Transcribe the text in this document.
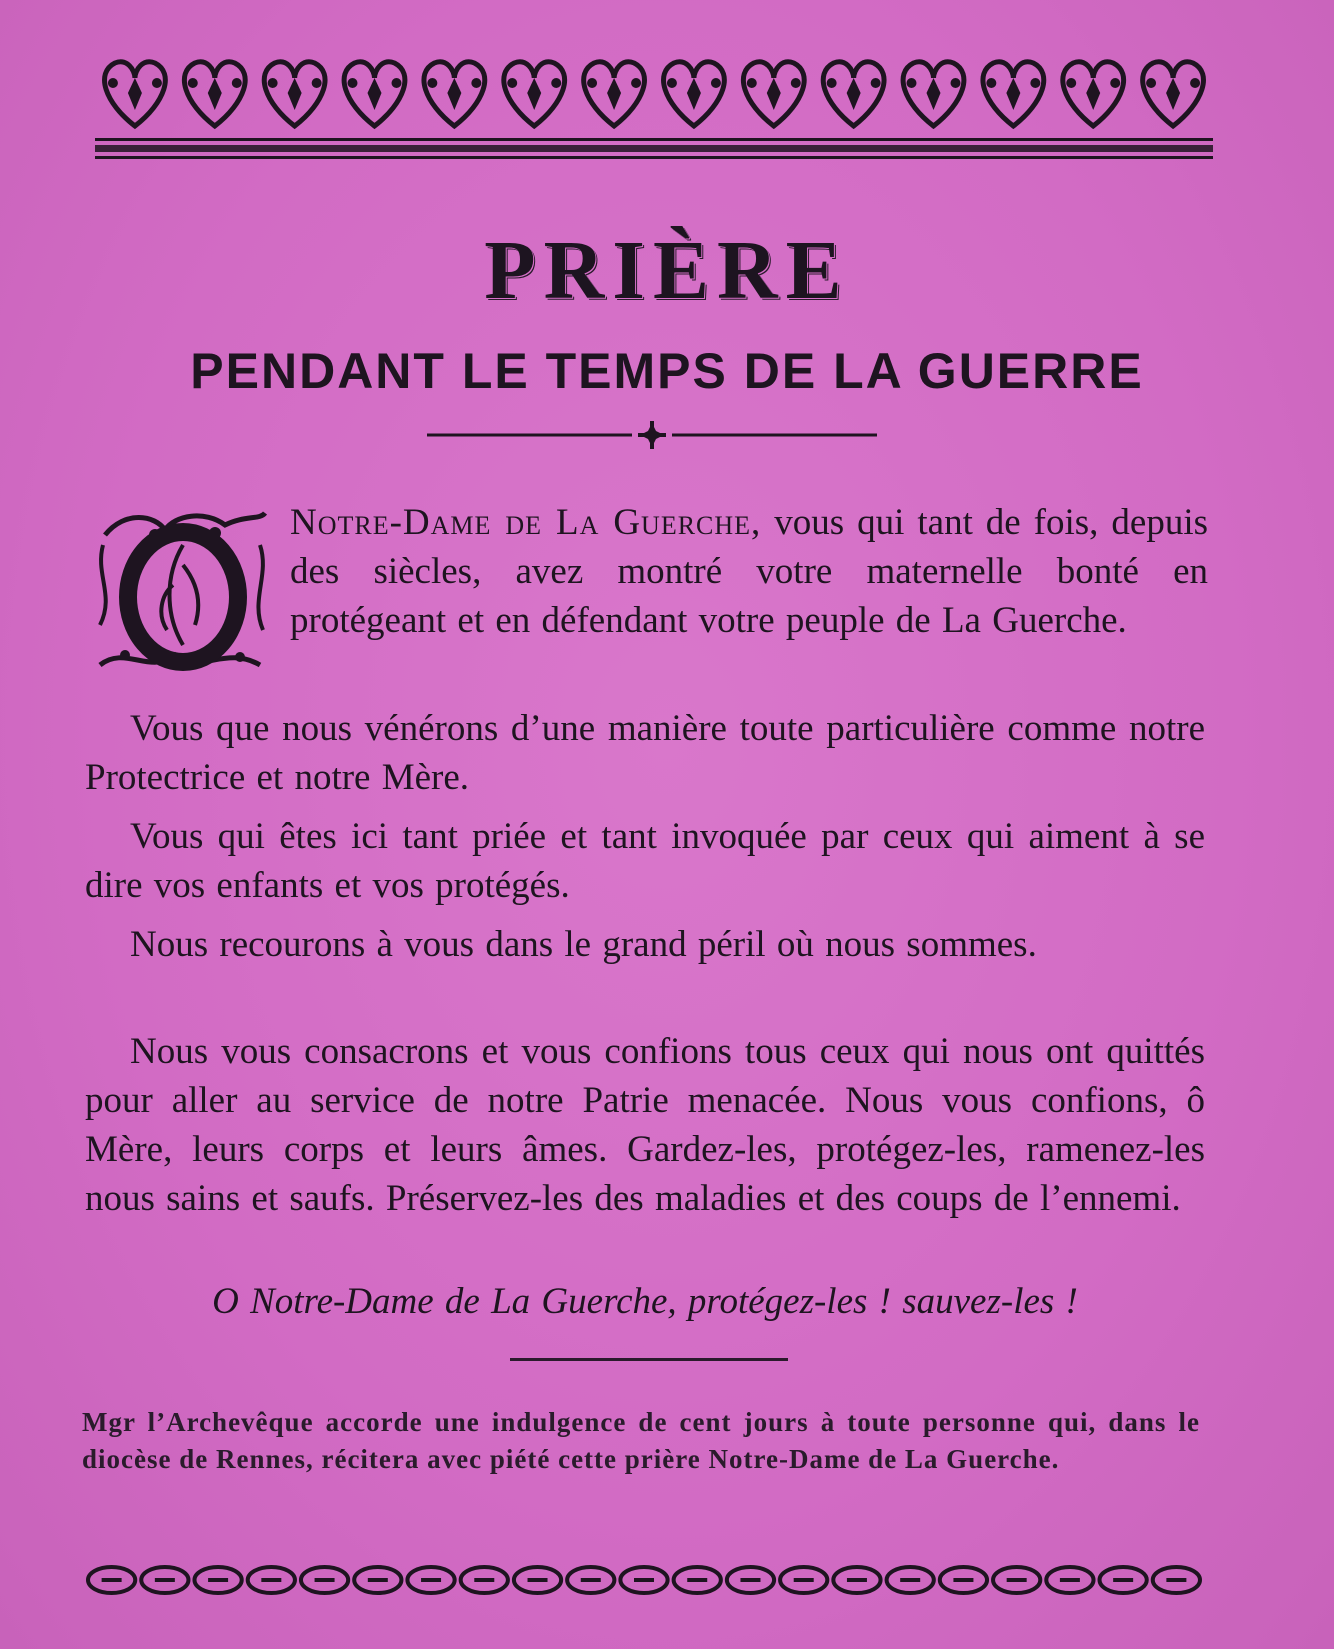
PRIÈRE
PENDANT LE TEMPS DE LA GUERRE
O
Notre-Dame de La Guerche, vous qui tant de fois, depuis des siècles, avez montré votre maternelle bonté en protégeant et en défendant votre peuple de La Guerche.
Vous que nous vénérons d’une manière toute particulière comme notre Protectrice et notre Mère.
Vous qui êtes ici tant priée et tant invoquée par ceux qui aiment à se dire vos enfants et vos protégés.
Nous recourons à vous dans le grand péril où nous sommes.
Nous vous consacrons et vous confions tous ceux qui nous ont quittés pour aller au service de notre Patrie menacée. Nous vous confions, ô Mère, leurs corps et leurs âmes. Gardez-les, protégez-les, ramenez-les nous sains et saufs. Préservez-les des maladies et des coups de l’ennemi.
O Notre-Dame de La Guerche, protégez-les ! sauvez-les !
Mgr l’Archevêque accorde une indulgence de cent jours à toute personne qui, dans le diocèse de Rennes, récitera avec piété cette prière Notre-Dame de La Guerche.
